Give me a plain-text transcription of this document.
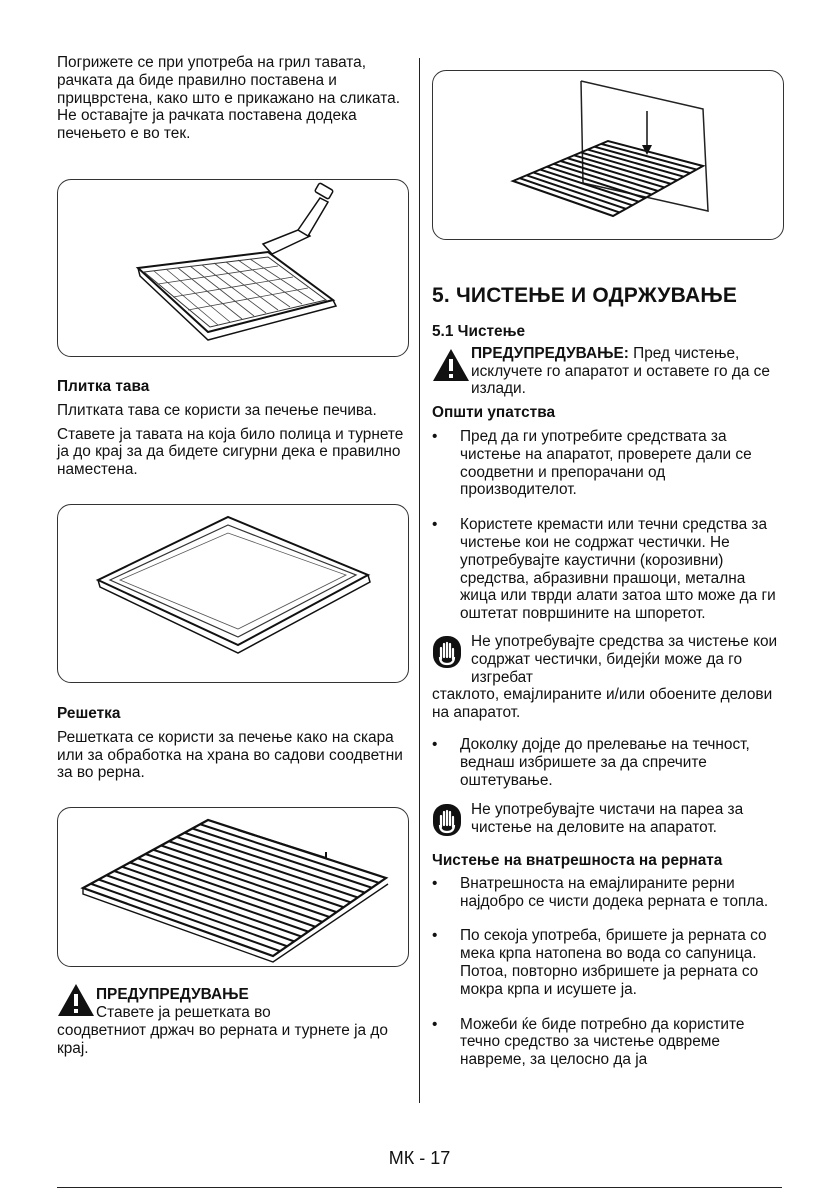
Погрижете се при употреба на грил тавата, рачката да биде правилно поставена и прицврстена, како што е прикажано на сликата. Не оставајте ја рачката поставена додека печењето е во тек.

Плитка тава

Плитката тава се користи за печење печива.

Ставете ја тавата на која било полица и турнете ја до крај за да бидете сигурни дека е правилно наместена.

Решетка

Решетката се користи за печење како на скара или за обработка на храна во садови соодветни за во рерна.

ПРЕДУПРЕДУВАЊЕ

Ставете ја решетката во

соодветниот држач во рерната и турнете ја до крај.

5. ЧИСТЕЊЕ И ОДРЖУВАЊЕ

5.1 Чистење

ПРЕДУПРЕДУВАЊЕ: Пред чистење, исклучете го апаратот и оставете го да се излади.

Општи упатства

• Пред да ги употребите средствата за чистење на апаратот, проверете дали се соодветни и препорачани од производителот.
• Користете кремасти или течни средства за чистење кои не содржат честички. Не употребувајте каустични (корозивни) средства, абразивни прашоци, метална жица или тврди алати затоа што може да ги оштетат површините на шпоретот.

Не употребувајте средства за чистење кои содржат честички, бидејќи може да го изгребат

стаклото, емајлираните и/или обоените делови на апаратот.

• Доколку дојде до прелевање на течност, веднаш избришете за да спречите оштетување.

Не употребувајте чистачи на пареа за чистење на деловите на апаратот.

Чистење на внатрешноста на рерната

• Внатрешноста на емајлираните рерни најдобро се чисти додека рерната е топла.
• По секоја употреба, бришете ја рерната со мека крпа натопена во вода со сапуница. Потоа, повторно избришете ја рерната со мокра крпа и исушете ја.
• Можеби ќе биде потребно да користите течно средство за чистење одвреме навреме, за целосно да ја
МК - 17
